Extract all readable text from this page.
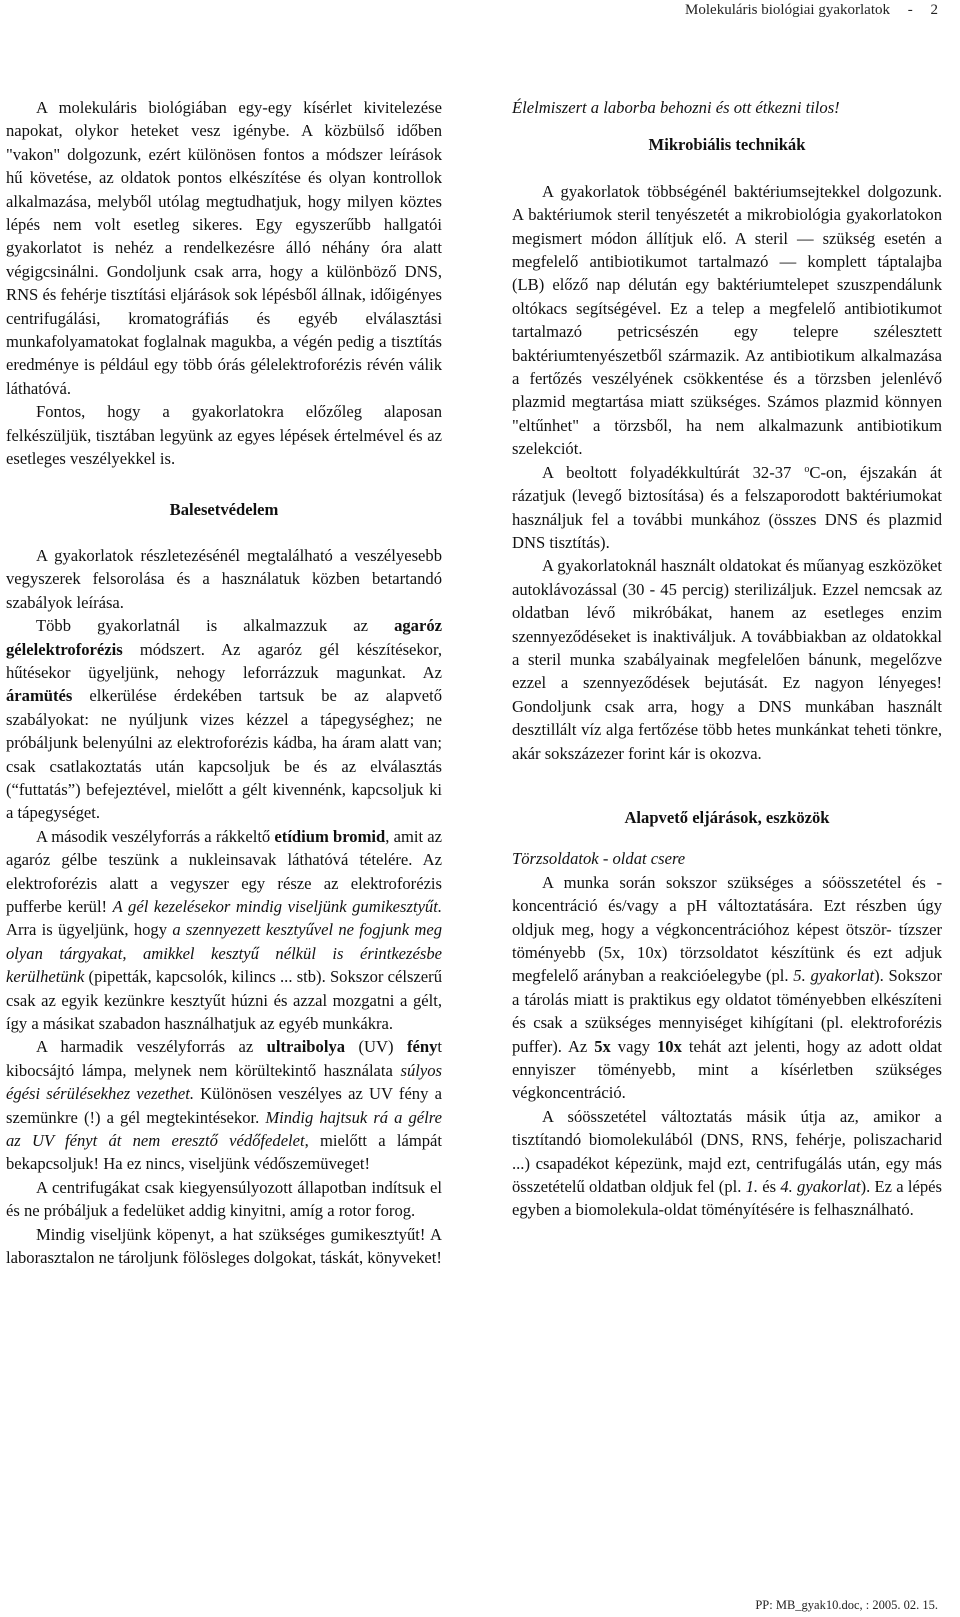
Molekuláris biológiai gyakorlatok - 2

A molekuláris biológiában egy-egy kísérlet kivitelezése napokat, olykor heteket vesz igénybe. A közbülső időben "vakon" dolgozunk, ezért különösen fontos a módszer leírások hű követése, az oldatok pontos elkészítése és olyan kontrollok alkalmazása, melyből utólag megtudhatjuk, hogy milyen köztes lépés nem volt esetleg sikeres. Egy egyszerűbb hallgatói gyakorlatot is nehéz a rendelkezésre álló néhány óra alatt végigcsinálni. Gondoljunk csak arra, hogy a különböző DNS, RNS és fehérje tisztítási eljárások sok lépésből állnak, időigényes centrifugálási, kromatográfiás és egyéb elválasztási munkafolyamatokat foglalnak magukba, a végén pedig a tisztítás eredménye is például egy több órás gélelektroforézis révén válik láthatóvá.

Fontos, hogy a gyakorlatokra előzőleg alaposan felkészüljük, tisztában legyünk az egyes lépések értelmével és az esetleges veszélyekkel is.

Balesetvédelem

A gyakorlatok részletezésénél megtalálható a veszélyesebb vegyszerek felsorolása és a használatuk közben betartandó szabályok leírása.

Több gyakorlatnál is alkalmazzuk az agaróz gélelektroforézis módszert. Az agaróz gél készítésekor, hűtésekor ügyeljünk, nehogy leforrázzuk magunkat. Az áramütés elkerülése érdekében tartsuk be az alapvető szabályokat: ne nyúljunk vizes kézzel a tápegységhez; ne próbáljunk belenyúlni az elektroforézis kádba, ha áram alatt van; csak csatlakoztatás után kapcsoljuk be és az elválasztás (“futtatás”) befejeztével, mielőtt a gélt kivennénk, kapcsoljuk ki a tápegységet.

A második veszélyforrás a rákkeltő etídium bromid, amit az agaróz gélbe teszünk a nukleinsavak láthatóvá tételére. Az elektroforézis alatt a vegyszer egy része az elektroforézis pufferbe kerül! A gél kezelésekor mindig viseljünk gumikesztyűt. Arra is ügyeljünk, hogy a szennyezett kesztyűvel ne fogjunk meg olyan tárgyakat, amikkel kesztyű nélkül is érintkezésbe kerülhetünk (pipetták, kapcsolók, kilincs ... stb). Sokszor célszerű csak az egyik kezünkre kesztyűt húzni és azzal mozgatni a gélt, így a másikat szabadon használhatjuk az egyéb munkákra.

A harmadik veszélyforrás az ultraibolya (UV) fényt kibocsájtó lámpa, melynek nem körültekintő használata súlyos égési sérülésekhez vezethet. Különösen veszélyes az UV fény a szemünkre (!) a gél megtekintésekor. Mindig hajtsuk rá a gélre az UV fényt át nem eresztő védőfedelet, mielőtt a lámpát bekapcsoljuk! Ha ez nincs, viseljünk védőszemüveget!

A centrifugákat csak kiegyensúlyozott állapotban indítsuk el és ne próbáljuk a fedelüket addig kinyitni, amíg a rotor forog.

Mindig viseljünk köpenyt, a hat szükséges gumikesztyűt! A laborasztalon ne tároljunk fölösleges dolgokat, táskát, könyveket!

Élelmiszert a laborba behozni és ott étkezni tilos!

Mikrobiális technikák

A gyakorlatok többségénél baktériumsejtekkel dolgozunk. A baktériumok steril tenyészetét a mikrobiológia gyakorlatokon megismert módon állítjuk elő. A steril — szükség esetén a megfelelő antibiotikumot tartalmazó — komplett táptalajba (LB) előző nap délután egy baktériumtelepet szuszpendálunk oltókacs segítségével. Ez a telep a megfelelő antibiotikumot tartalmazó petricsészén egy telepre szélesztett baktériumtenyészetből származik. Az antibiotikum alkalmazása a fertőzés veszélyének csökkentése és a törzsben jelenlévő plazmid megtartása miatt szükséges. Számos plazmid könnyen "eltűnhet" a törzsből, ha nem alkalmazunk antibiotikum szelekciót.

A beoltott folyadékkultúrát 32-37 $^o$C-on, éjszakán át rázatjuk (levegő biztosítása) és a felszaporodott baktériumokat használjuk fel a további munkához (összes DNS és plazmid DNS tisztítás).

A gyakorlatoknál használt oldatokat és műanyag eszközöket autoklávozással (30 - 45 percig) sterilizáljuk. Ezzel nemcsak az oldatban lévő mikróbákat, hanem az esetleges enzim szennyeződéseket is inaktiváljuk. A továbbiakban az oldatokkal a steril munka szabályainak megfelelően bánunk, megelőzve ezzel a szennyeződések bejutását. Ez nagyon lényeges! Gondoljunk csak arra, hogy a DNS munkában használt desztillált víz alga fertőzése több hetes munkánkat teheti tönkre, akár sokszázezer forint kár is okozva.

Alapvető eljárások, eszközök
Törzsoldatok - oldat csere

A munka során sokszor szükséges a sóösszetétel és -koncentráció és/vagy a pH változtatására. Ezt részben úgy oldjuk meg, hogy a végkoncentrációhoz képest ötször- tízszer töményebb (5x, 10x) törzsoldatot készítünk és ezt adjuk megfelelő arányban a reakcióelegybe (pl. 5. gyakorlat). Sokszor a tárolás miatt is praktikus egy oldatot töményebben elkészíteni és csak a szükséges mennyiséget kihígítani (pl. elektroforézis puffer). Az 5x vagy 10x tehát azt jelenti, hogy az adott oldat ennyiszer töményebb, mint a kísérletben szükséges végkoncentráció.

A sóösszetétel változtatás másik útja az, amikor a tisztítandó biomolekulából (DNS, RNS, fehérje, poliszacharid ...) csapadékot képezünk, majd ezt, centrifugálás után, egy más összetételű oldatban oldjuk fel (pl. 1. és 4. gyakorlat). Ez a lépés egyben a biomolekula-oldat töményítésére is felhasználható.

PP: MB_gyak10.doc, : 2005. 02. 15.
